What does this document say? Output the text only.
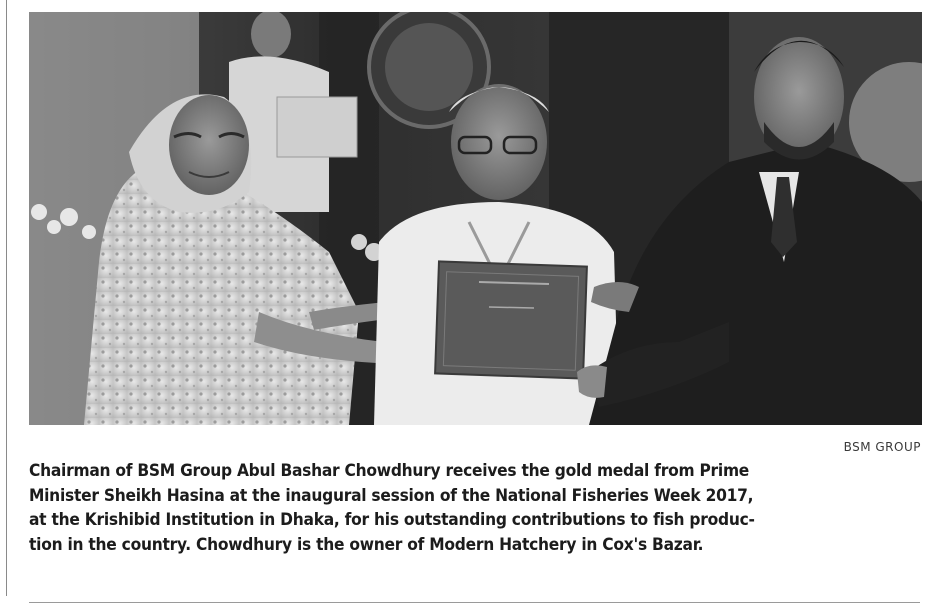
BSM GROUP

Chairman of BSM Group Abul Bashar Chowdhury receives the gold medal from Prime
Minister Sheikh Hasina at the inaugural session of the National Fisheries Week 2017,
at the Krishibid Institution in Dhaka, for his outstanding contributions to fish produc-
tion in the country. Chowdhury is the owner of Modern Hatchery in Cox's Bazar.
